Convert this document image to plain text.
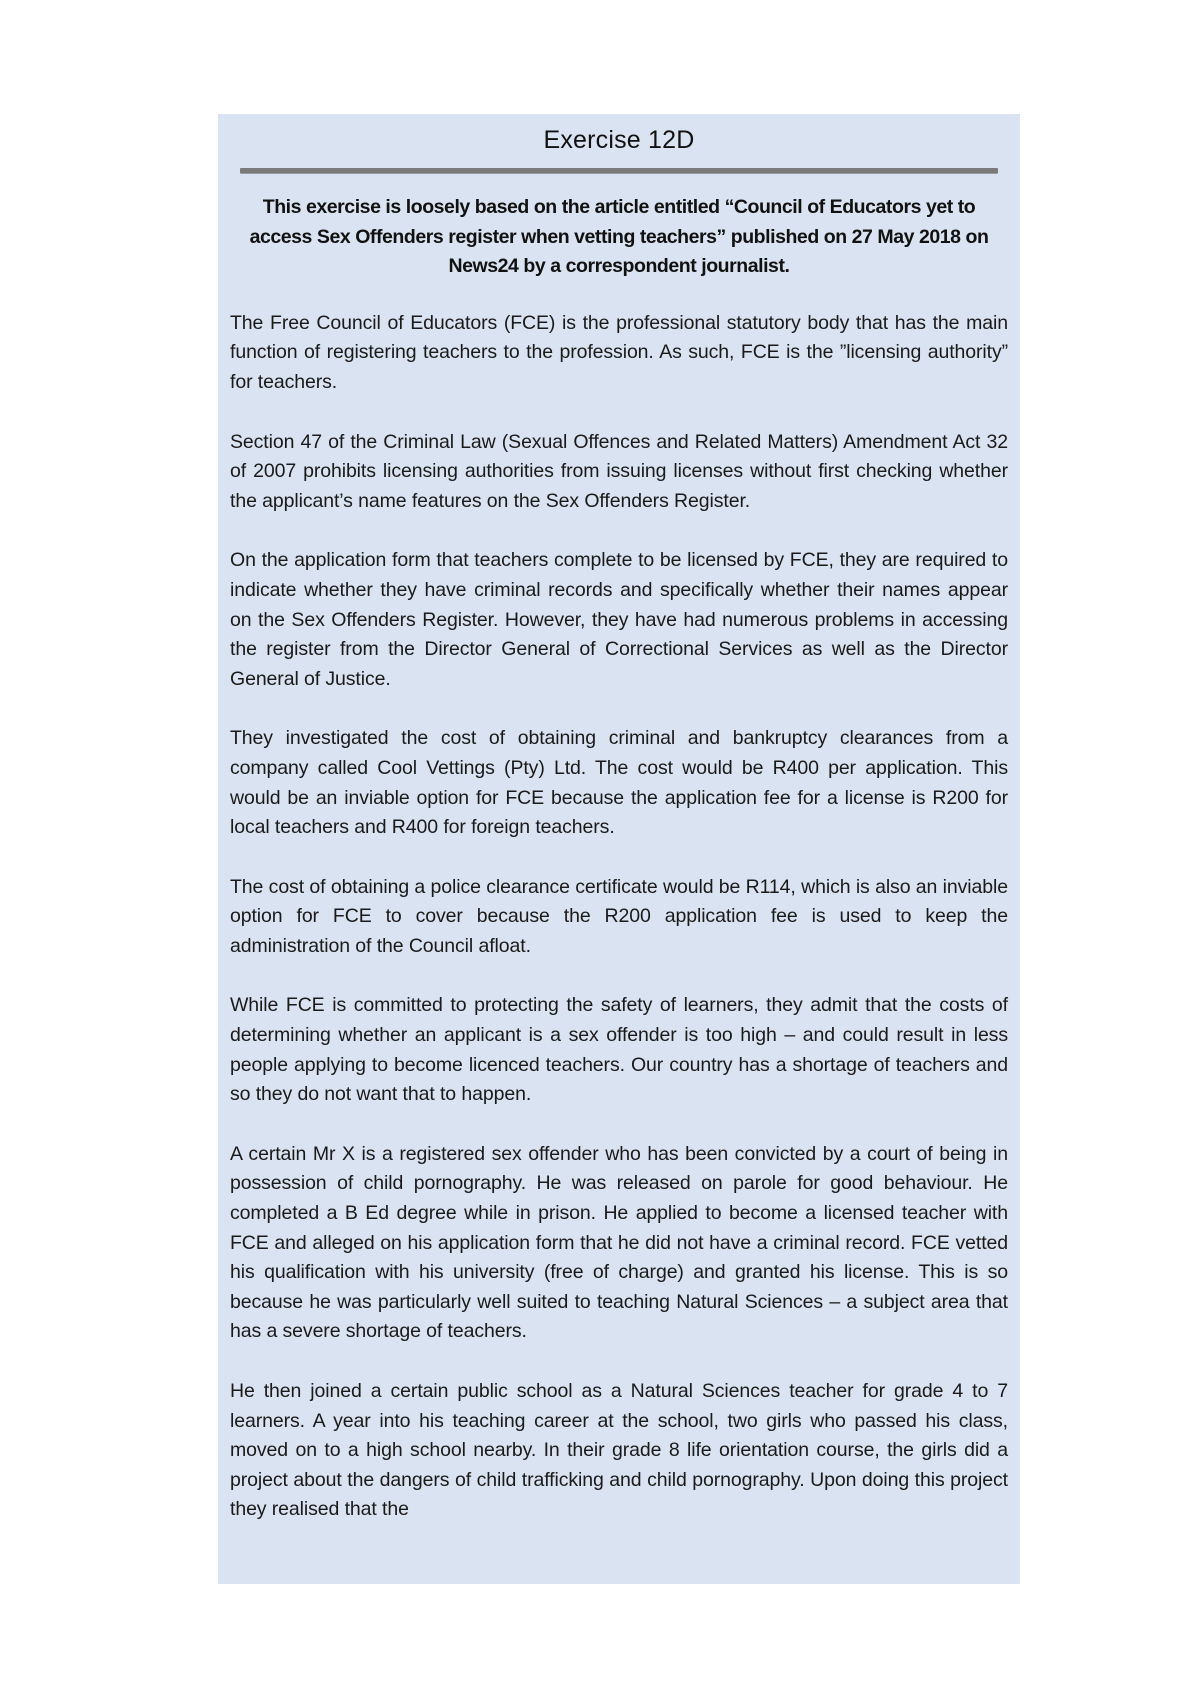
Exercise 12D
This exercise is loosely based on the article entitled “Council of Educators yet to access Sex Offenders register when vetting teachers” published on 27 May 2018 on News24 by a correspondent journalist.

The Free Council of Educators (FCE) is the professional statutory body that has the main function of registering teachers to the profession. As such, FCE is the ”licensing authority” for teachers.

Section 47 of the Criminal Law (Sexual Offences and Related Matters) Amendment Act 32 of 2007 prohibits licensing authorities from issuing licenses without first checking whether the applicant’s name features on the Sex Offenders Register.

On the application form that teachers complete to be licensed by FCE, they are required to indicate whether they have criminal records and specifically whether their names appear on the Sex Offenders Register. However, they have had numerous problems in accessing the register from the Director General of Correctional Services as well as the Director General of Justice.

They investigated the cost of obtaining criminal and bankruptcy clearances from a company called Cool Vettings (Pty) Ltd. The cost would be R400 per application. This would be an inviable option for FCE because the application fee for a license is R200 for local teachers and R400 for foreign teachers.

The cost of obtaining a police clearance certificate would be R114, which is also an inviable option for FCE to cover because the R200 application fee is used to keep the administration of the Council afloat.

While FCE is committed to protecting the safety of learners, they admit that the costs of determining whether an applicant is a sex offender is too high – and could result in less people applying to become licenced teachers. Our country has a shortage of teachers and so they do not want that to happen.

A certain Mr X is a registered sex offender who has been convicted by a court of being in possession of child pornography. He was released on parole for good behaviour. He completed a B Ed degree while in prison. He applied to become a licensed teacher with FCE and alleged on his application form that he did not have a criminal record. FCE vetted his qualification with his university (free of charge) and granted his license. This is so because he was particularly well suited to teaching Natural Sciences – a subject area that has a severe shortage of teachers.

He then joined a certain public school as a Natural Sciences teacher for grade 4 to 7 learners. A year into his teaching career at the school, two girls who passed his class, moved on to a high school nearby. In their grade 8 life orientation course, the girls did a project about the dangers of child trafficking and child pornography. Upon doing this project they realised that the
